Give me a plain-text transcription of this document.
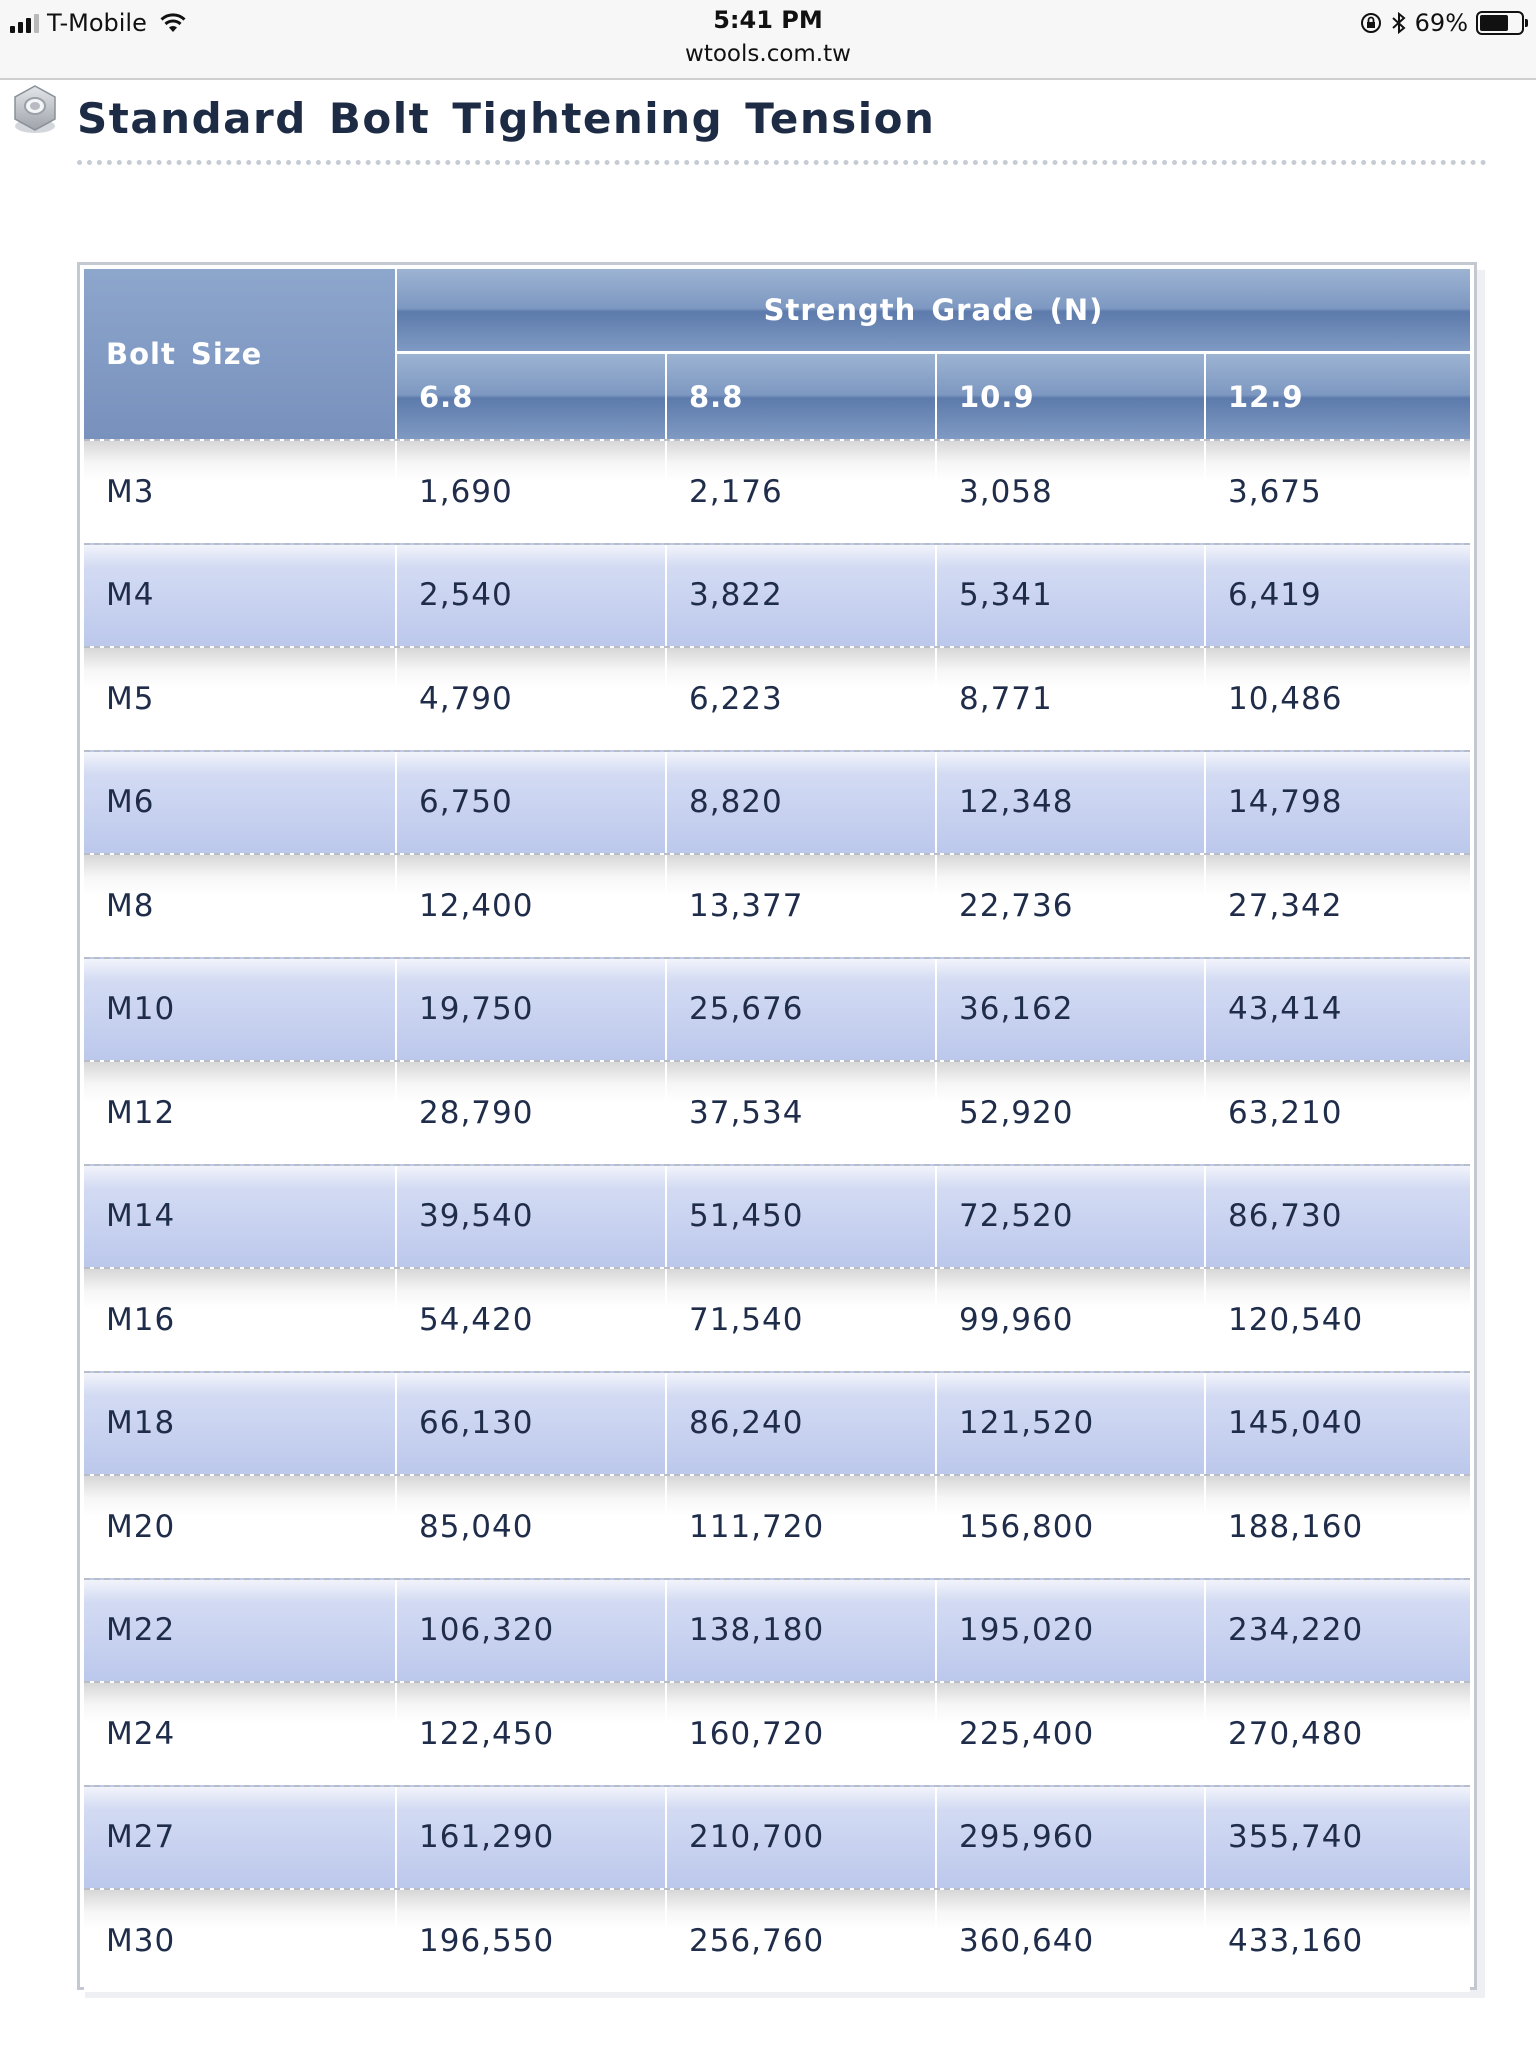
T-Mobile	5:41 PM
wtools.com.tw
69%
Standard Bolt Tightening Tension
Bolt Size
Strength Grade (N)
6.8	8.8	10.9	12.9
M3	1,690	2,176	3,058	3,675
M4	2,540	3,822	5,341	6,419
M5	4,790	6,223	8,771	10,486
M6	6,750	8,820	12,348	14,798
M8	12,400	13,377	22,736	27,342
M10	19,750	25,676	36,162	43,414
M12	28,790	37,534	52,920	63,210
M14	39,540	51,450	72,520	86,730
M16	54,420	71,540	99,960	120,540
M18	66,130	86,240	121,520	145,040
M20	85,040	111,720	156,800	188,160
M22	106,320	138,180	195,020	234,220
M24	122,450	160,720	225,400	270,480
M27	161,290	210,700	295,960	355,740
M30	196,550	256,760	360,640	433,160
